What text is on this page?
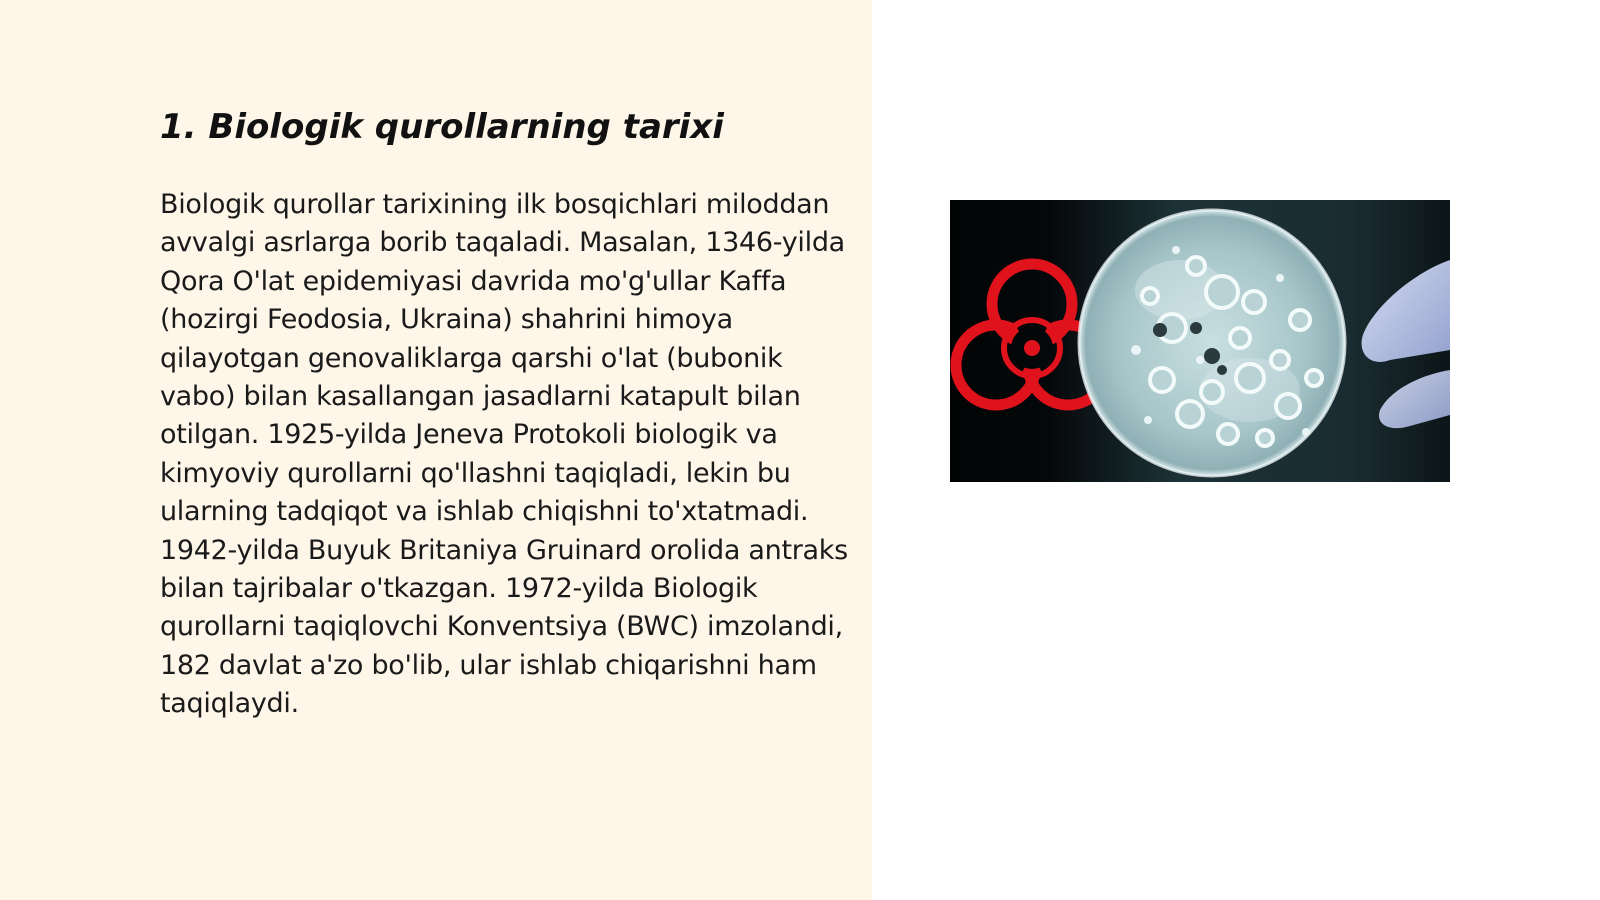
1. Biologik qurollarning tarixi

Biologik qurollar tarixining ilk bosqichlari miloddan avvalgi asrlarga borib taqaladi. Masalan, 1346-yilda Qora O'lat epidemiyasi davrida mo'g'ullar Kaffa (hozirgi Feodosia, Ukraina) shahrini himoya qilayotgan genovaliklarga qarshi o'lat (bubonik vabo) bilan kasallangan jasadlarni katapult bilan otilgan. 1925-yilda Jeneva Protokoli biologik va kimyoviy qurollarni qo'llashni taqiqladi, lekin bu ularning tadqiqot va ishlab chiqishni to'xtatmadi. 1942-yilda Buyuk Britaniya Gruinard orolida antraks bilan tajribalar o'tkazgan. 1972-yilda Biologik qurollarni taqiqlovchi Konventsiya (BWC) imzolandi, 182 davlat a'zo bo'lib, ular ishlab chiqarishni ham taqiqlaydi.
